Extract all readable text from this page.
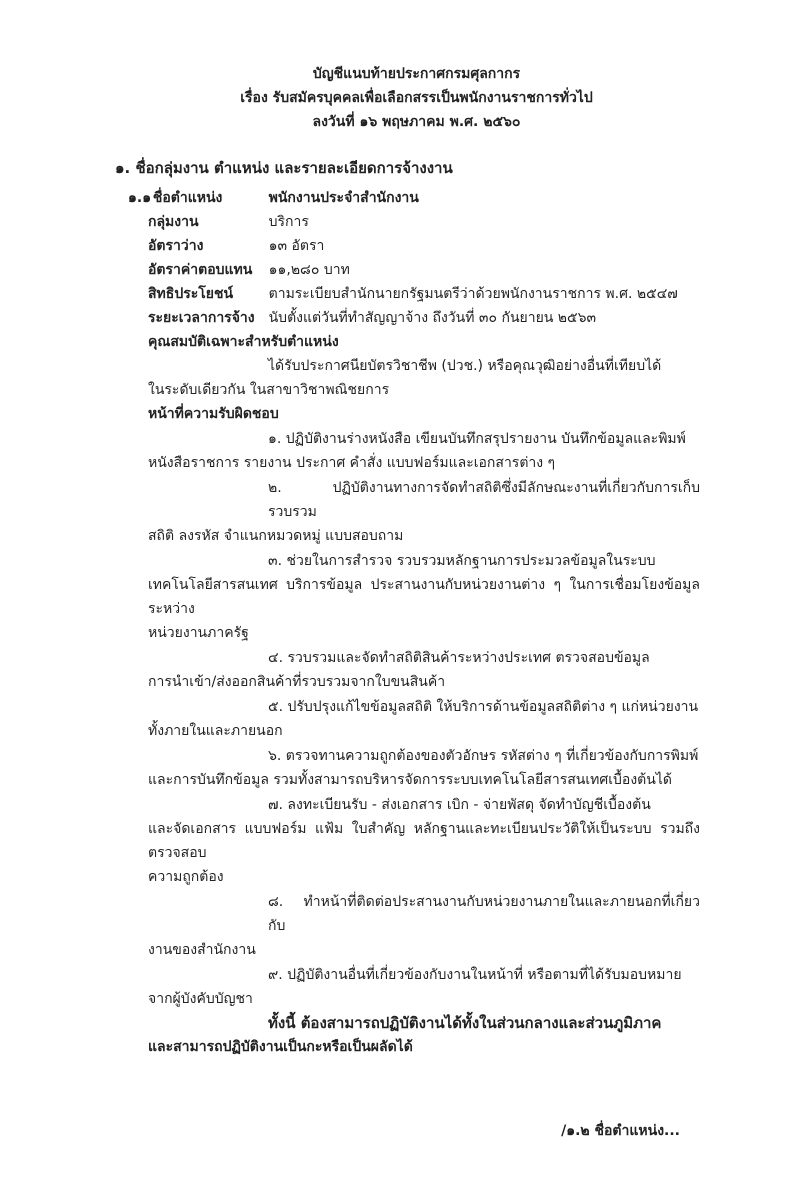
บัญชีแนบท้ายประกาศกรมศุลกากร
เรื่อง รับสมัครบุคคลเพื่อเลือกสรรเป็นพนักงานราชการทั่วไป
ลงวันที่ ๑๖ พฤษภาคม พ.ศ. ๒๕๖๐
๑. ชื่อกลุ่มงาน ตำแหน่ง และรายละเอียดการจ้างงาน
๑.๑ ชื่อตำแหน่ง	พนักงานประจำสำนักงาน
กลุ่มงาน	บริการ
อัตราว่าง	๑๓ อัตรา
อัตราค่าตอบแทน ๑๑,๒๘๐ บาท
สิทธิประโยชน์	ตามระเบียบสำนักนายกรัฐมนตรีว่าด้วยพนักงานราชการ พ.ศ. ๒๕๔๗
ระยะเวลาการจ้าง นับตั้งแต่วันที่ทำสัญญาจ้าง ถึงวันที่ ๓๐ กันยายน ๒๕๖๓
คุณสมบัติเฉพาะสำหรับตำแหน่ง
ได้รับประกาศนียบัตรวิชาชีพ (ปวช.) หรือคุณวุฒิอย่างอื่นที่เทียบได้
ในระดับเดียวกัน ในสาขาวิชาพณิชยการ
หน้าที่ความรับผิดชอบ
๑. ปฏิบัติงานร่างหนังสือ เขียนบันทึกสรุปรายงาน บันทึกข้อมูลและพิมพ์
หนังสือราชการ รายงาน ประกาศ คำสั่ง แบบฟอร์มและเอกสารต่าง ๆ
๒. ปฏิบัติงานทางการจัดทำสถิติซึ่งมีลักษณะงานที่เกี่ยวกับการเก็บรวบรวม
สถิติ ลงรหัส จำแนกหมวดหมู่ แบบสอบถาม
๓. ช่วยในการสำรวจ รวบรวมหลักฐานการประมวลข้อมูลในระบบ
เทคโนโลยีสารสนเทศ บริการข้อมูล ประสานงานกับหน่วยงานต่าง ๆ ในการเชื่อมโยงข้อมูลระหว่าง
หน่วยงานภาครัฐ
๔. รวบรวมและจัดทำสถิติสินค้าระหว่างประเทศ ตรวจสอบข้อมูล
การนำเข้า/ส่งออกสินค้าที่รวบรวมจากใบขนสินค้า
๕. ปรับปรุงแก้ไขข้อมูลสถิติ ให้บริการด้านข้อมูลสถิติต่าง ๆ แก่หน่วยงาน
ทั้งภายในและภายนอก
๖. ตรวจทานความถูกต้องของตัวอักษร รหัสต่าง ๆ ที่เกี่ยวข้องกับการพิมพ์
และการบันทึกข้อมูล รวมทั้งสามารถบริหารจัดการระบบเทคโนโลยีสารสนเทศเบื้องต้นได้
๗. ลงทะเบียนรับ - ส่งเอกสาร เบิก - จ่ายพัสดุ จัดทำบัญชีเบื้องต้น
และจัดเอกสาร แบบฟอร์ม แฟ้ม ใบสำคัญ หลักฐานและทะเบียนประวัติให้เป็นระบบ รวมถึงตรวจสอบ
ความถูกต้อง
๘. ทำหน้าที่ติดต่อประสานงานกับหน่วยงานภายในและภายนอกที่เกี่ยวกับ
งานของสำนักงาน
๙. ปฏิบัติงานอื่นที่เกี่ยวข้องกับงานในหน้าที่ หรือตามที่ได้รับมอบหมาย
จากผู้บังคับบัญชา
ทั้งนี้ ต้องสามารถปฏิบัติงานได้ทั้งในส่วนกลางและส่วนภูมิภาค
และสามารถปฏิบัติงานเป็นกะหรือเป็นผลัดได้
/๑.๒ ชื่อตำแหน่ง...
